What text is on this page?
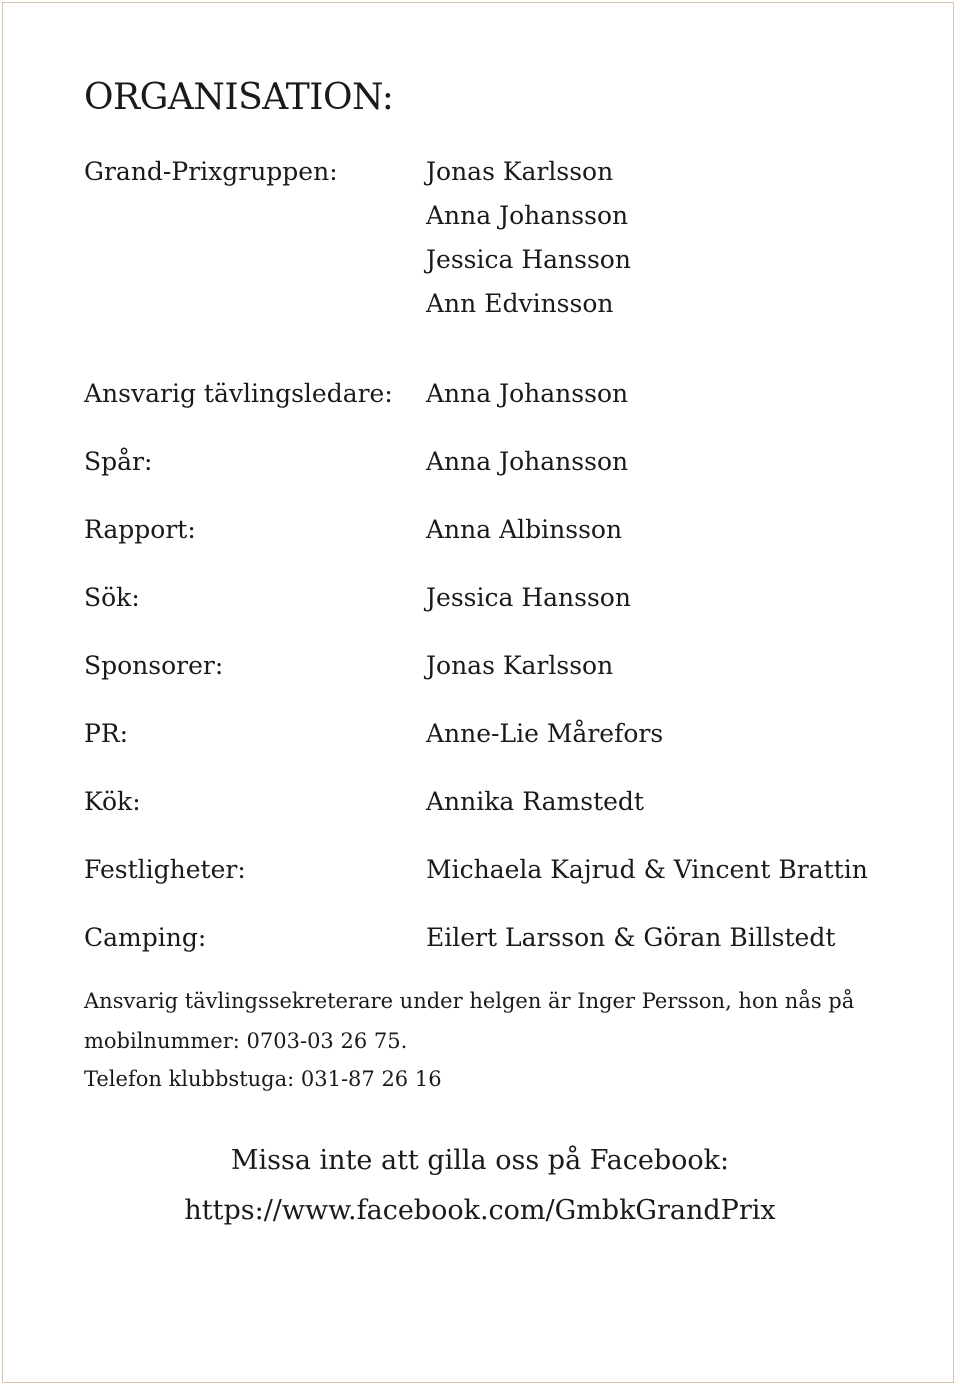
ORGANISATION:
Grand-Prixgruppen:	Jonas Karlsson
Anna Johansson
Jessica Hansson
Ann Edvinsson
Ansvarig tävlingsledare: Anna Johansson
Spår:	Anna Johansson
Rapport:	Anna Albinsson
Sök:	Jessica Hansson
Sponsorer:	Jonas Karlsson
PR:	Anne-Lie Mårefors
Kök:	Annika Ramstedt
Festligheter:	Michaela Kajrud & Vincent Brattin
Camping:	Eilert Larsson & Göran Billstedt
Ansvarig tävlingssekreterare under helgen är Inger Persson, hon nås på
mobilnummer: 0703-03 26 75.
Telefon klubbstuga: 031-87 26 16
Missa inte att gilla oss på Facebook:
https://www.facebook.com/GmbkGrandPrix
